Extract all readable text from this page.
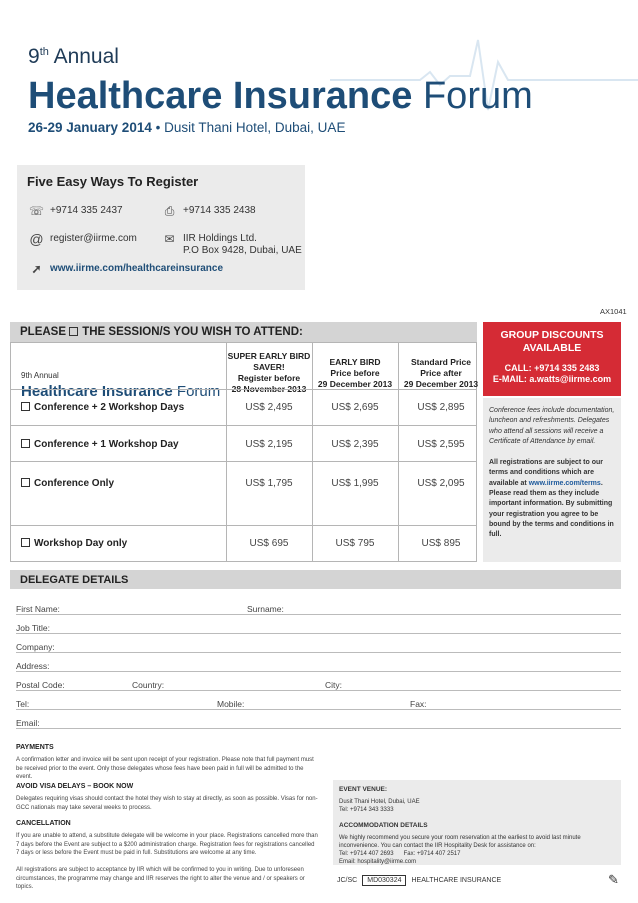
9th Annual
Healthcare Insurance Forum
26-29 January 2014 • Dusit Thani Hotel, Dubai, UAE
Five Easy Ways To Register
☏ +9714 335 2437	⎙ +9714 335 2438
@ register@iirme.com ✉ IIR Holdings Ltd.
P.O Box 9428, Dubai, UAE
➚ www.iirme.com/healthcareinsurance
AX1041
PLEASE THE SESSION/S YOU WISH TO ATTEND:
9th Annual
Healthcare Insurance Forum
SUPER EARLY BIRD
SAVER!
Register before
28 November 2013
EARLY BIRD
Price before
29 December 2013
Standard Price
Price after
29 December 2013
Conference + 2 Workshop Days	US$ 2,495	US$ 2,695	US$ 2,895
Conference + 1 Workshop Day	US$ 2,195	US$ 2,395	US$ 2,595
Conference Only	US$ 1,795	US$ 1,995	US$ 2,095
Workshop Day only	US$ 695	US$ 795	US$ 895
GROUP DISCOUNTS
AVAILABLE
CALL: +9714 335 2483
E-MAIL: a.watts@iirme.com
Conference fees include documentation, luncheon and refreshments. Delegates who attend all sessions will receive a Certificate of Attendance by email.
All registrations are subject to our terms and conditions which are available at www.iirme.com/terms. Please read them as they include important information. By submitting your registration you agree to be bound by the terms and conditions in full.
DELEGATE DETAILS
First Name:	Surname:
Job Title:
Company:
Address:
Postal Code:	Country:	City:
Tel:	Mobile:	Fax:
Email:
PAYMENTS
A confirmation letter and invoice will be sent upon receipt of your registration. Please note that full payment must be received prior to the event. Only those delegates whose fees have been paid in full will be admitted to the event.
AVOID VISA DELAYS – BOOK NOW
Delegates requiring visas should contact the hotel they wish to stay at directly, as soon as possible. Visas for non-GCC nationals may take several weeks to process.
CANCELLATION
If you are unable to attend, a substitute delegate will be welcome in your place. Registrations cancelled more than 7 days before the Event are subject to a $200 administration charge. Registration fees for registrations cancelled 7 days or less before the Event must be paid in full. Substitutions are welcome at any time.
All registrations are subject to acceptance by IIR which will be confirmed to you in writing. Due to unforeseen circumstances, the programme may change and IIR reserves the right to alter the venue and / or speakers or topics.
EVENT VENUE:
Dusit Thani Hotel, Dubai, UAE
Tel: +9714 343 3333
ACCOMMODATION DETAILS
We highly recommend you secure your room reservation at the earliest to avoid last minute inconvenience. You can contact the IIR Hospitality Desk for assistance on:
Tel: +9714 407 2693 Fax: +9714 407 2517
Email: hospitality@iirme.com
JC/SC	MD030324	HEALTHCARE INSURANCE	✎
